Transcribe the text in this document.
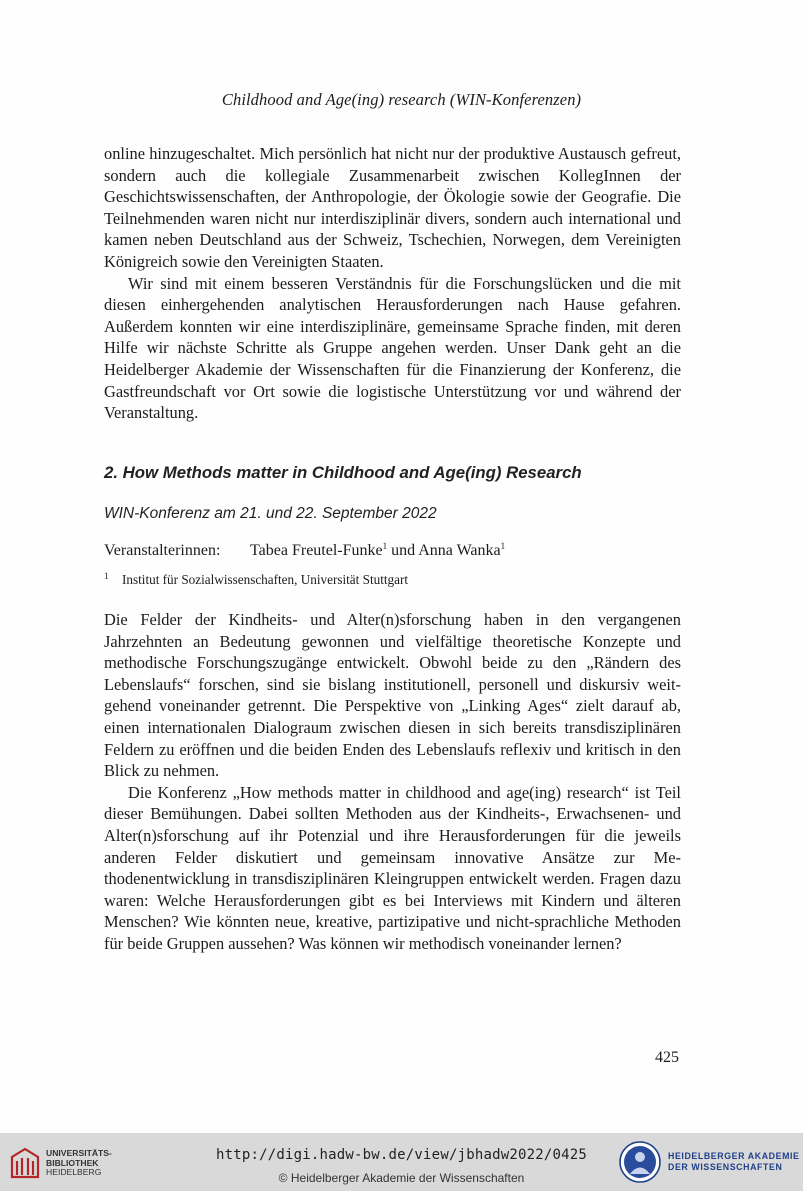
Childhood and Age(ing) research (WIN-Konferenzen)

online hinzugeschaltet. Mich persönlich hat nicht nur der produktive Austausch gefreut, sondern auch die kollegiale Zusammenarbeit zwischen KollegInnen der Geschichtswissenschaften, der Anthropologie, der Ökologie sowie der Geografie. Die Teilnehmenden waren nicht nur interdisziplinär divers, sondern auch international und kamen neben Deutschland aus der Schweiz, Tschechien, Norwegen, dem Vereinigten Königreich sowie den Vereinigten Staaten.

Wir sind mit einem besseren Verständnis für die Forschungslücken und die mit diesen einhergehenden analytischen Herausforderungen nach Hause gefahren. Außerdem konnten wir eine interdisziplinäre, gemeinsame Sprache finden, mit deren Hilfe wir nächste Schritte als Gruppe angehen werden. Unser Dank geht an die Heidelberger Akademie der Wissenschaften für die Finanzierung der Konferenz, die Gastfreundschaft vor Ort sowie die logistische Unterstützung vor und während der Veranstaltung.

2. How Methods matter in Childhood and Age(ing) Research
WIN-Konferenz am 21. und 22. September 2022
Veranstalterinnen: Tabea Freutel-Funke$^1$ und Anna Wanka$^1$
1 Institut für Sozialwissenschaften, Universität Stuttgart

Die Felder der Kindheits- und Alter(n)sforschung haben in den vergangenen Jahrzehnten an Bedeutung gewonnen und vielfältige theoretische Konzepte und methodische Forschungszugänge entwickelt. Obwohl beide zu den „Rändern des Lebenslaufs“ forschen, sind sie bislang institutionell, personell und diskursiv weitgehend voneinander getrennt. Die Perspektive von „Linking Ages“ zielt darauf ab, einen internationalen Dialograum zwischen diesen in sich bereits transdisziplinären Feldern zu eröffnen und die beiden Enden des Lebenslaufs reflexiv und kritisch in den Blick zu nehmen.

Die Konferenz „How methods matter in childhood and age(ing) research“ ist Teil dieser Bemühungen. Dabei sollten Methoden aus der Kindheits-, Erwachsenen- und Alter(n)sforschung auf ihr Potenzial und ihre Herausforderungen für die jeweils anderen Felder diskutiert und gemeinsam innovative Ansätze zur Methodenentwicklung in transdisziplinären Kleingruppen entwickelt werden. Fragen dazu waren: Welche Herausforderungen gibt es bei Interviews mit Kindern und älteren Menschen? Wie könnten neue, kreative, partizipative und nicht-sprachliche Methoden für beide Gruppen aussehen? Was können wir methodisch voneinander lernen?

425
UNIVERSITÄTS-
BIBLIOTHEK
HEIDELBERG
http://digi.hadw-bw.de/view/jbhadw2022/0425
© Heidelberger Akademie der Wissenschaften
HEIDELBERGER AKADEMIE
DER WISSENSCHAFTEN
